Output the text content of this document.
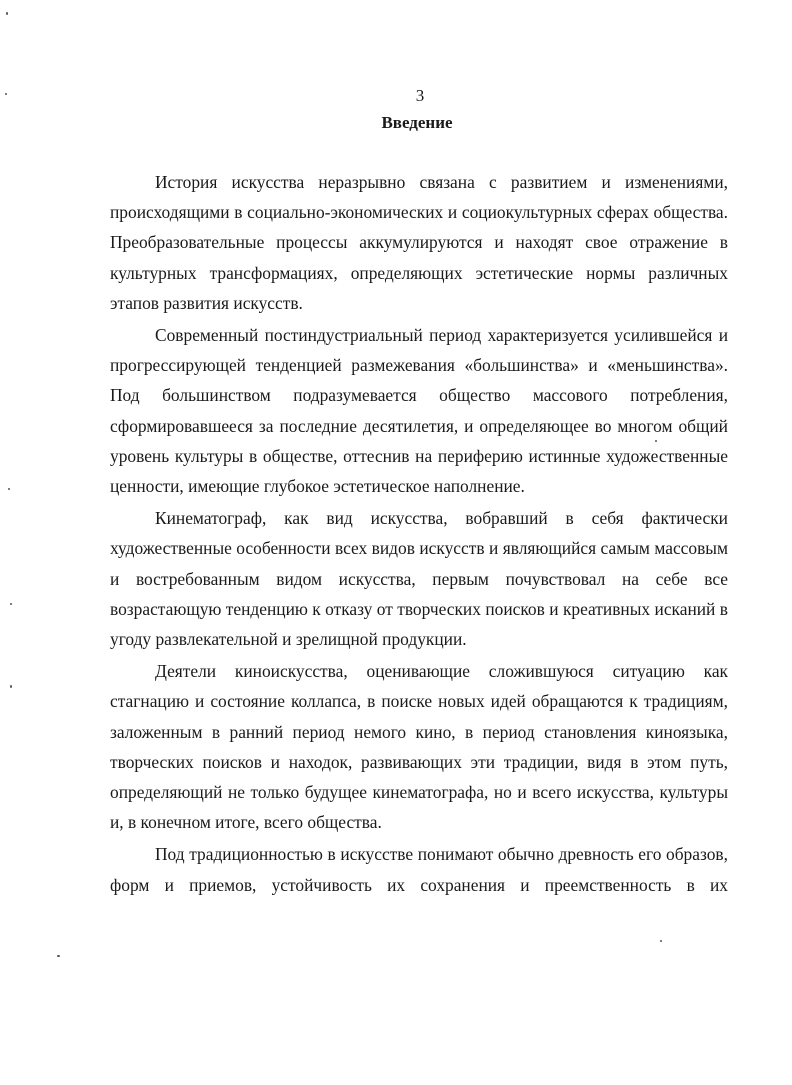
3
Введение

История искусства неразрывно связана с развитием и изменениями, происходящими в социально-экономических и социокультурных сферах общества. Преобразовательные процессы аккумулируются и находят свое отражение в культурных трансформациях, определяющих эстетические нормы различных этапов развития искусств.

Современный постиндустриальный период характеризуется усилившейся и прогрессирующей тенденцией размежевания «большинства» и «меньшинства». Под большинством подразумевается общество массового потребления, сформировавшееся за последние десятилетия, и определяющее во многом общий уровень культуры в обществе, оттеснив на периферию истинные художественные ценности, имеющие глубокое эстетическое наполнение.

Кинематограф, как вид искусства, вобравший в себя фактически художественные особенности всех видов искусств и являющийся самым массовым и востребованным видом искусства, первым почувствовал на себе все возрастающую тенденцию к отказу от творческих поисков и креативных исканий в угоду развлекательной и зрелищной продукции.

Деятели киноискусства, оценивающие сложившуюся ситуацию как стагнацию и состояние коллапса, в поиске новых идей обращаются к традициям, заложенным в ранний период немого кино, в период становления киноязыка, творческих поисков и находок, развивающих эти традиции, видя в этом путь, определяющий не только будущее кинематографа, но и всего искусства, культуры и, в конечном итоге, всего общества.

Под традиционностью в искусстве понимают обычно древность его образов, форм и приемов, устойчивость их сохранения и преемственность в их
